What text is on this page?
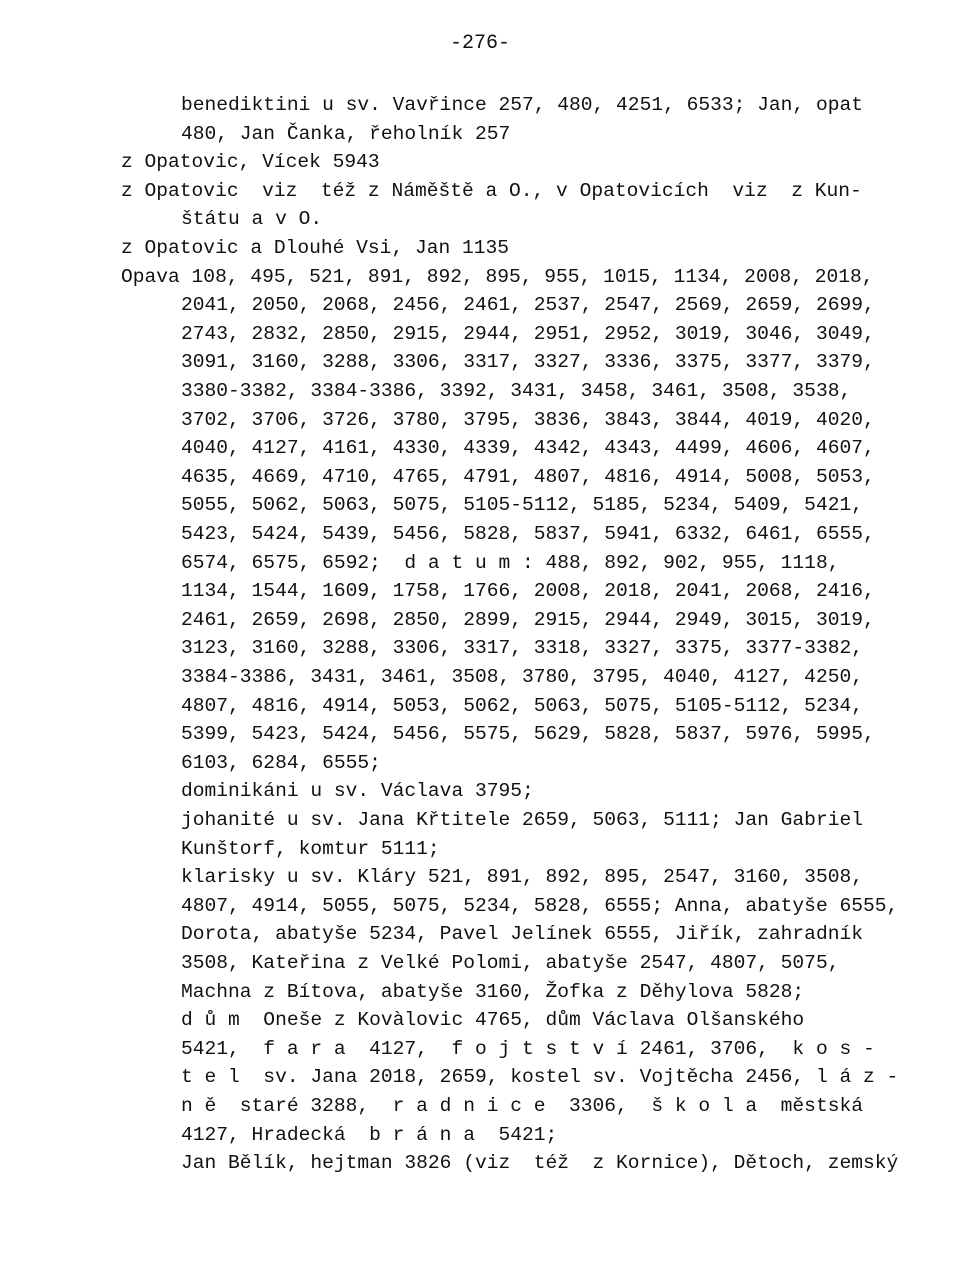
-276-
benediktini u sv. Vavřince 257, 480, 4251, 6533; Jan, opat
480, Jan Čanka, řeholník 257
z Opatovic, Vícek 5943
z Opatovic  viz  též z Náměště a O., v Opatovicích  viz  z Kun-
štátu a v O.
z Opatovic a Dlouhé Vsi, Jan 1135
Opava 108, 495, 521, 891, 892, 895, 955, 1015, 1134, 2008, 2018,
2041, 2050, 2068, 2456, 2461, 2537, 2547, 2569, 2659, 2699,
2743, 2832, 2850, 2915, 2944, 2951, 2952, 3019, 3046, 3049,
3091, 3160, 3288, 3306, 3317, 3327, 3336, 3375, 3377, 3379,
3380-3382, 3384-3386, 3392, 3431, 3458, 3461, 3508, 3538,
3702, 3706, 3726, 3780, 3795, 3836, 3843, 3844, 4019, 4020,
4040, 4127, 4161, 4330, 4339, 4342, 4343, 4499, 4606, 4607,
4635, 4669, 4710, 4765, 4791, 4807, 4816, 4914, 5008, 5053,
5055, 5062, 5063, 5075, 5105-5112, 5185, 5234, 5409, 5421,
5423, 5424, 5439, 5456, 5828, 5837, 5941, 6332, 6461, 6555,
6574, 6575, 6592;  d a t u m : 488, 892, 902, 955, 1118,
1134, 1544, 1609, 1758, 1766, 2008, 2018, 2041, 2068, 2416,
2461, 2659, 2698, 2850, 2899, 2915, 2944, 2949, 3015, 3019,
3123, 3160, 3288, 3306, 3317, 3318, 3327, 3375, 3377-3382,
3384-3386, 3431, 3461, 3508, 3780, 3795, 4040, 4127, 4250,
4807, 4816, 4914, 5053, 5062, 5063, 5075, 5105-5112, 5234,
5399, 5423, 5424, 5456, 5575, 5629, 5828, 5837, 5976, 5995,
6103, 6284, 6555;
dominikáni u sv. Václava 3795;
johanité u sv. Jana Křtitele 2659, 5063, 5111; Jan Gabriel
Kunštorf, komtur 5111;
klarisky u sv. Kláry 521, 891, 892, 895, 2547, 3160, 3508,
4807, 4914, 5055, 5075, 5234, 5828, 6555; Anna, abatyše 6555,
Dorota, abatyše 5234, Pavel Jelínek 6555, Jiřík, zahradník
3508, Kateřina z Velké Polomi, abatyše 2547, 4807, 5075,
Machna z Bítova, abatyše 3160, Žofka z Děhylova 5828;
d ů m  Oneše z Kovàlovic 4765, dům Václava Olšanského
5421,  f a r a  4127,  f o j t s t v í 2461, 3706,  k o s -
t e l  sv. Jana 2018, 2659, kostel sv. Vojtěcha 2456, l á z -
n ě  staré 3288,  r a d n i c e  3306,  š k o l a  městská
4127, Hradecká  b r á n a  5421;
Jan Bělík, hejtman 3826 (viz  též  z Kornice), Dětoch, zemský
